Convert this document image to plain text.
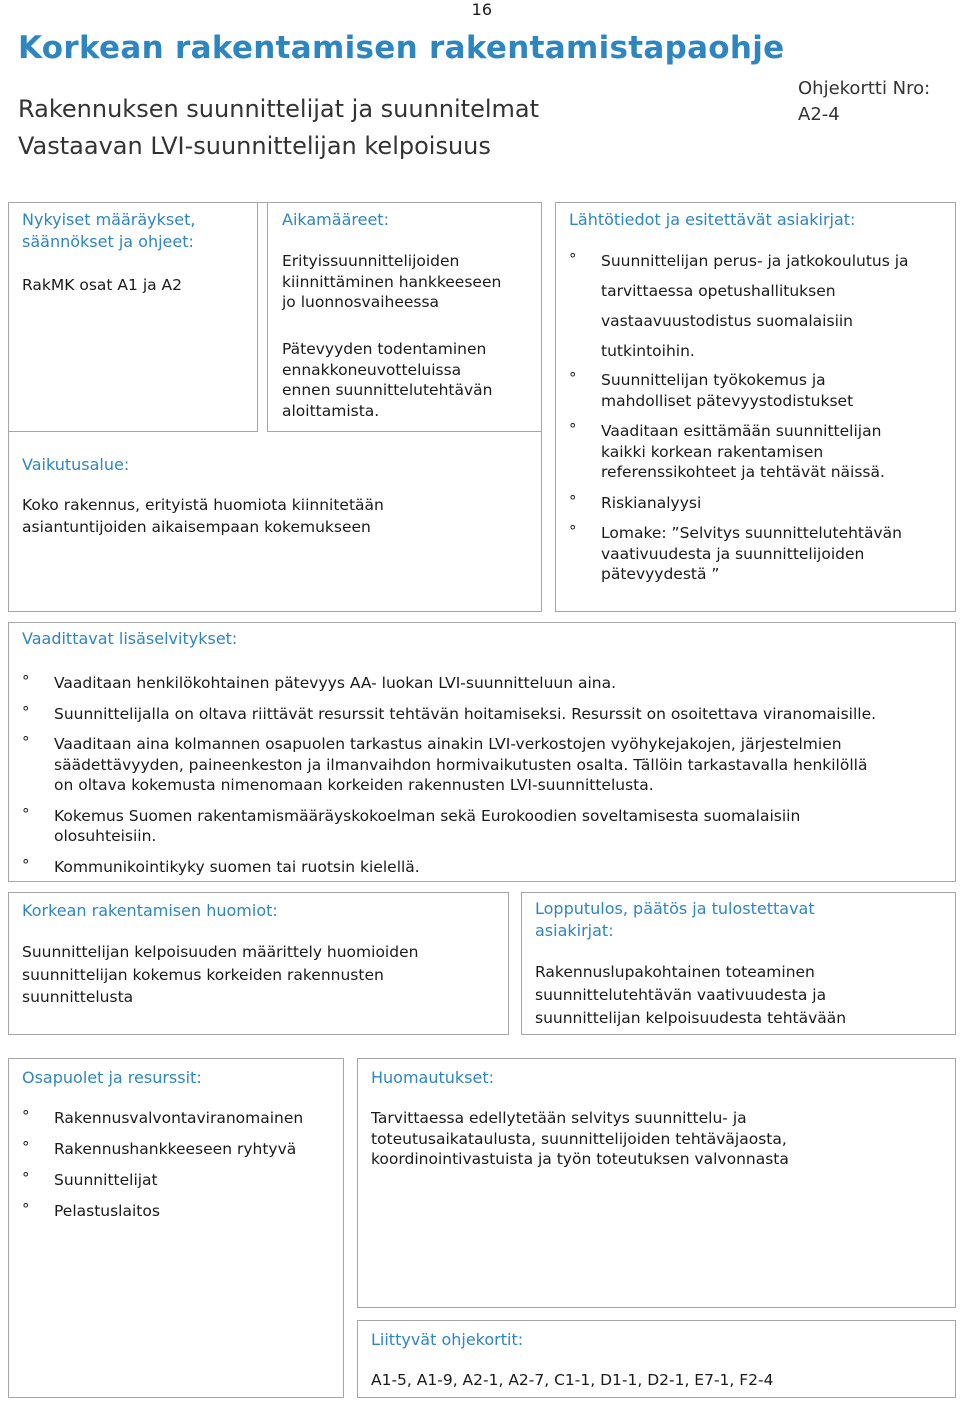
16
Korkean rakentamisen rakentamistapaohje
Rakennuksen suunnittelijat ja suunnitelmat
Vastaavan LVI-suunnittelijan kelpoisuus
Ohjekortti Nro:
A2-4
Nykyiset määräykset,
säännökset ja ohjeet:
RakMK osat A1 ja A2
Aikamääreet:
Erityissuunnittelijoiden
kiinnittäminen hankkeeseen
jo luonnosvaiheessa
Pätevyyden todentaminen
ennakkoneuvotteluissa
ennen suunnittelutehtävän
aloittamista.
Vaikutusalue:
Koko rakennus, erityistä huomiota kiinnitetään
asiantuntijoiden aikaisempaan kokemukseen
Lähtötiedot ja esitettävät asiakirjat:
° Suunnittelijan perus- ja jatkokoulutus ja
tarvittaessa opetushallituksen
vastaavuustodistus suomalaisiin
tutkintoihin.
° Suunnittelijan työkokemus ja
mahdolliset pätevyystodistukset
° Vaaditaan esittämään suunnittelijan
kaikki korkean rakentamisen
referenssikohteet ja tehtävät näissä.
° Riskianalyysi
° Lomake: ”Selvitys suunnittelutehtävän
vaativuudesta ja suunnittelijoiden
pätevyydestä ”
Vaadittavat lisäselvitykset:
° Vaaditaan henkilökohtainen pätevyys AA- luokan LVI-suunnitteluun aina.
° Suunnittelijalla on oltava riittävät resurssit tehtävän hoitamiseksi. Resurssit on osoitettava viranomaisille.
° Vaaditaan aina kolmannen osapuolen tarkastus ainakin LVI-verkostojen vyöhykejakojen, järjestelmien
säädettävyyden, paineenkeston ja ilmanvaihdon hormivaikutusten osalta. Tällöin tarkastavalla henkilöllä
on oltava kokemusta nimenomaan korkeiden rakennusten LVI-suunnittelusta.
° Kokemus Suomen rakentamismääräyskokoelman sekä Eurokoodien soveltamisesta suomalaisiin
olosuhteisiin.
° Kommunikointikyky suomen tai ruotsin kielellä.
Korkean rakentamisen huomiot:
Suunnittelijan kelpoisuuden määrittely huomioiden
suunnittelijan kokemus korkeiden rakennusten
suunnittelusta
Lopputulos, päätös ja tulostettavat
asiakirjat:
Rakennuslupakohtainen toteaminen
suunnittelutehtävän vaativuudesta ja
suunnittelijan kelpoisuudesta tehtävään
Osapuolet ja resurssit:
° Rakennusvalvontaviranomainen
° Rakennushankkeeseen ryhtyvä
° Suunnittelijat
° Pelastuslaitos
Huomautukset:
Tarvittaessa edellytetään selvitys suunnittelu- ja
toteutusaikataulusta, suunnittelijoiden tehtäväjaosta,
koordinointivastuista ja työn toteutuksen valvonnasta
Liittyvät ohjekortit:
A1-5, A1-9, A2-1, A2-7, C1-1, D1-1, D2-1, E7-1, F2-4
